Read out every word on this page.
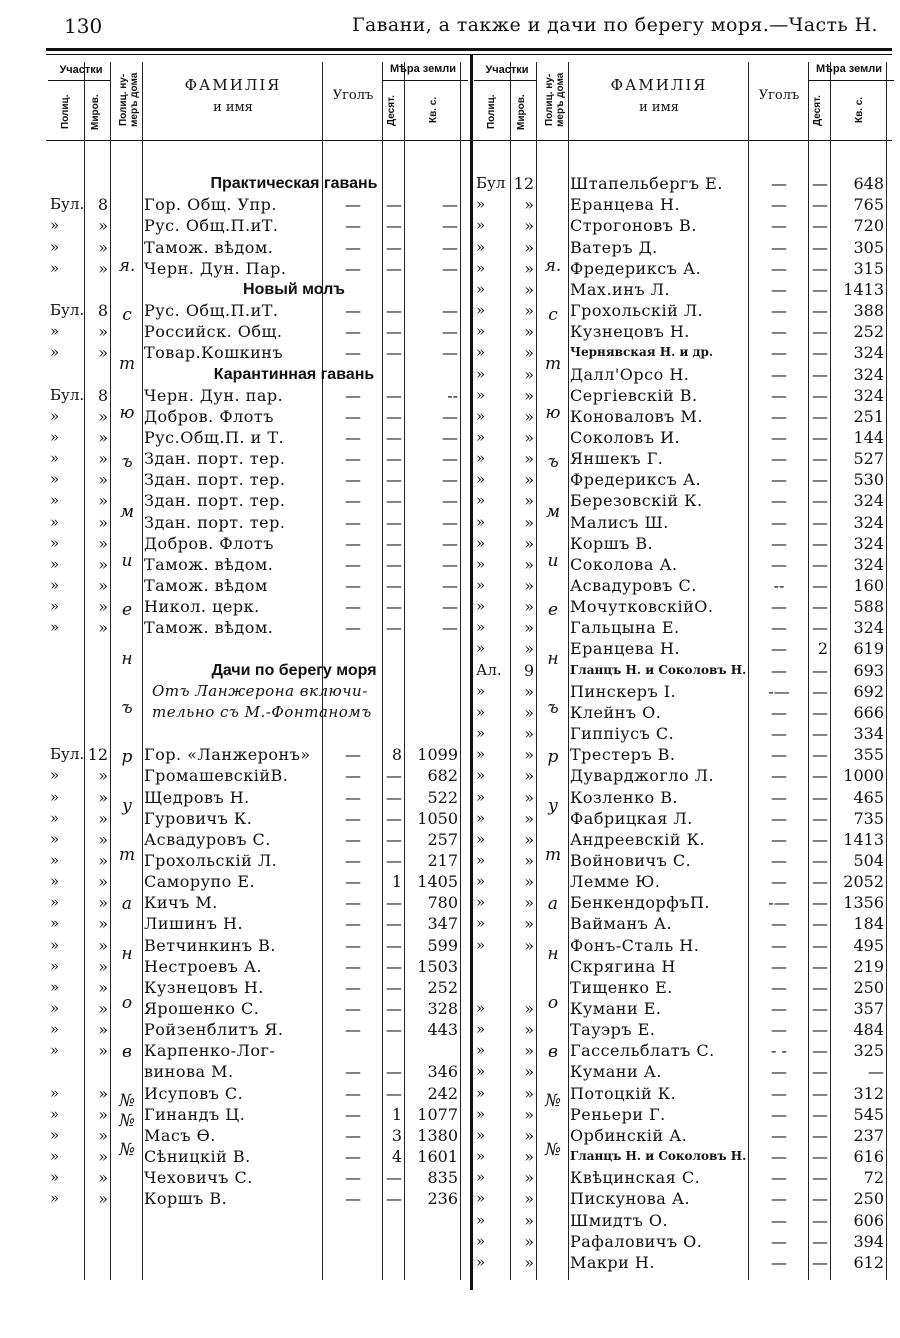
130	Гавани, а также и дачи по берегу моря.—Часть Н.
Участки
Полиц. Миров. Полиц. ну- меръ дома	ФАМИЛІЯ
и имя
Уголъ
Мѣра земли
Десят.	Кв. с.
Практическая гавань
Бул. 8 Гор. Общ. Упр.	—	—	—
»	» Рус. Общ.П.иТ.	—	—	—
»	» Тамож. вѣдом.	—	—	—
»	» Черн. Дун. Пар.	—	—	—
Новый молъ
Бул. 8 Рус. Общ.П.иТ.	—	—	—
»	» Российск. Общ.	—	—	—
»	» Товар.Кошкинъ	—	—	—
Карантинная гавань
Бул. 8 Черн. Дун. пар.	—	—	--
»	» Добров. Флотъ	—	—	—
»	» Рус.Общ.П. и Т.	—	—	—
»	» Здан. порт. тер.	—	—	—
»	» Здан. порт. тер.	—	—	—
»	» Здан. порт. тер.	—	—	—
»	» Здан. порт. тер.	—	—	—
»	» Добров. Флотъ	—	—	—
»	» Тамож. вѣдом.	—	—	—
»	» Тамож. вѣдом	—	—	—
»	» Никол. церк.	—	—	—
»	» Тамож. вѣдом.	—	—	—
Дачи по берегу моря
Отъ Ланжерона включи-
тельно съ М.-Фонтаномъ
Бул. 12 Гор. «Ланжеронъ»	—	8 1099
»	» ГромашевскійВ.	—	—	682
»	» Щедровъ Н.	—	—	522
»	» Гуровичъ К.	—	— 1050
»	» Асвадуровъ С.	—	—	257
»	» Грохольскій Л.	—	—	217
»	» Саморупо Е.	—	1 1405
»	» Кичъ М.	—	—	780
»	» Лишинъ Н.	—	—	347
»	» Ветчинкинъ В.	—	—	599
»	» Нестроевъ А.	—	— 1503
»	» Кузнецовъ Н.	—	—	252
»	» Ярошенко С.	—	—	328
»	» Ройзенблитъ Я.	—	—	443
»	» Карпенко-Лог-
винова М.	—	—	346
»	» Исуповъ С.	—	—	242
»	» Гинандъ Ц.	—	1 1077
»	» Масъ Ѳ.	—	3 1380
»	» Сѣницкій В.	—	4 1601
»	» Чеховичъ С.	—	—	835
»	» Коршъ В.	—	—	236
я.
с
т
ю
ъ
м
и
е
н
ъ
р
у
т
а
н
о
в
№ №
№
Участки
Полиц. Миров. Полиц. ну- меръ дома	ФАМИЛІЯ
и имя
Уголъ
Мѣра земли
Десят.	Кв. с.
Бул 12 Штапельбергъ Е.	—	—	648
»	» Еранцева Н.	—	—	765
»	» Строгоновъ В.	—	—	720
»	» Ватеръ Д.	—	—	305
»	» Фредериксъ А.	—	—	315
»	» Мах.инъ Л.	—	— 1413
»	» Грохольскій Л.	—	—	388
»	» Кузнецовъ Н.	—	—	252
»	»	Чернявская Н. и др.	—	—	324
»	» Далл'Орсо Н.	—	—	324
»	» Сергіевскій В.	—	—	324
»	» Коноваловъ М.	—	—	251
»	» Соколовъ И.	—	—	144
»	» Яншекъ Г.	—	—	527
»	» Фредериксъ А.	—	—	530
»	» Березовскій К.	—	—	324
»	» Малисъ Ш.	—	—	324
»	» Коршъ В.	—	—	324
»	» Соколова А.	—	—	324
»	» Асвадуровъ С.	--	—	160
»	» МочутковскійО.	—	—	588
»	» Гальцына Е.	—	—	324
»	» Еранцева Н.	—	2	619
Ал.	9	Гланцъ Н. и Соколовъ Н.	—	—	693
»	» Пинскеръ І.	-—	—	692
»	» Клейнъ О.	—	—	666
»	» Гиппіусъ С.	—	—	334
»	» Трестеръ В.	—	—	355
»	» Дуварджогло Л.	—	— 1000
»	» Козленко В.	—	—	465
»	» Фабрицкая Л.	—	—	735
»	» Андреевскій К.	—	— 1413
»	» Войновичъ С.	—	—	504
»	» Лемме Ю.	—	— 2052
»	» БенкендорфъП.	-—	— 1356
»	» Вайманъ А.	—	—	184
»	» Фонъ-Сталь Н.	—	—	495
Скрягина Н	—	—	219
Тищенко Е.	—	—	250
»	» Кумани Е.	—	—	357
»	» Тауэръ Е.	—	—	484
»	» Гассельблатъ С.	- -	—	325
»	» Кумани А.	—	—	—
»	» Потоцкій К.	—	—	312
»	» Реньери Г.	—	—	545
»	» Орбинскій А.	—	—	237
»	»	Гланцъ Н. и Соколовъ Н.	—	—	616
»	» Квѣцинская С.	—	—	72
»	» Пискунова А.	—	—	250
»	» Шмидтъ О.	—	—	606
»	» Рафаловичъ О.	—	—	394
»	» Макри Н.	—	—	612
я.
с
т
ю
ъ
м
и
е
н
ъ
р
у
т
а
н
о
в
№
№
